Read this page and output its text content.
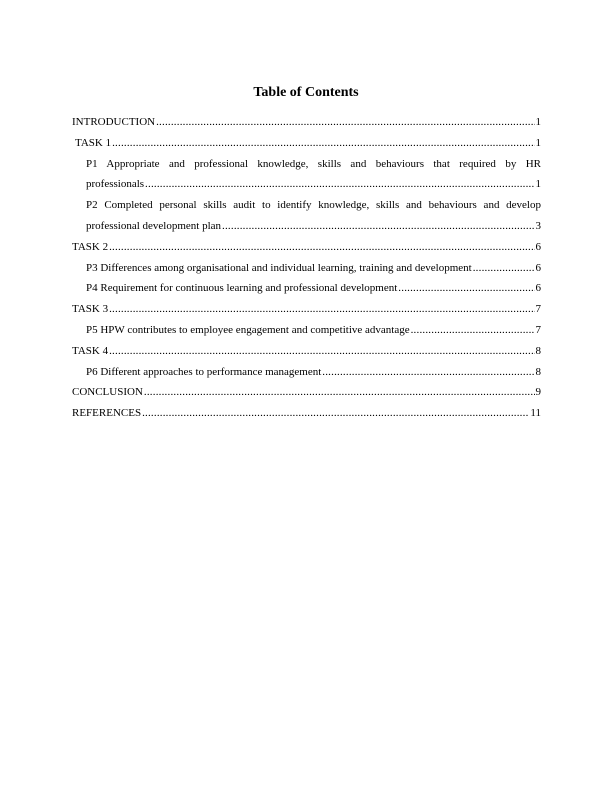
Table of Contents
INTRODUCTION .....	1
TASK 1 .....	1
P1 Appropriate and professional knowledge, skills and behaviours that required by HR
professionals .....	1
P2 Completed personal skills audit to identify knowledge, skills and behaviours and develop
professional development plan .....	3
TASK 2 .....	6
P3 Differences among organisational and individual learning, training and development .....	6
P4 Requirement for continuous learning and professional development .....	6
TASK 3 .....	7
P5 HPW contributes to employee engagement and competitive advantage .....	7
TASK 4 .....	8
P6 Different approaches to performance management .....	8
CONCLUSION .....	9
REFERENCES .....	11
